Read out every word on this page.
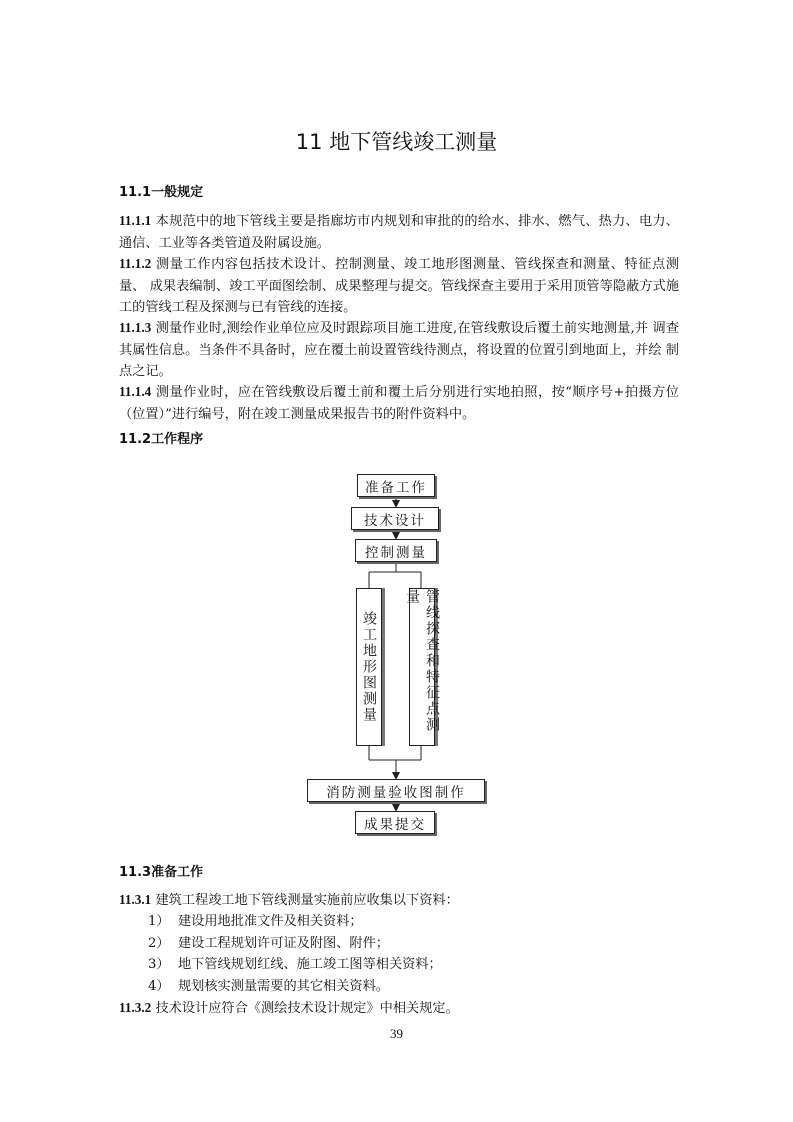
11 地下管线竣工测量
11.1一般规定

11.1.1 本规范中的地下管线主要是指廊坊市内规划和审批的的给水、排水、燃气、热力、电力、通信、工业等各类管道及附属设施。

11.1.2 测量工作内容包括技术设计、控制测量、竣工地形图测量、管线探查和测量、特征点测量、 成果表编制、竣工平面图绘制、成果整理与提交。管线探查主要用于采用顶管等隐蔽方式施工的管线工程及探测与已有管线的连接。

11.1.3 测量作业时,测绘作业单位应及时跟踪项目施工进度,在管线敷设后覆土前实地测量,并 调查其属性信息。当条件不具备时，应在覆土前设置管线待测点，将设置的位置引到地面上，并绘 制点之记。

11.1.4 测量作业时，应在管线敷设后覆土前和覆土后分别进行实地拍照，按“顺序号+拍摄方位 （位置）”进行编号，附在竣工测量成果报告书的附件资料中。

11.2工作程序
准备工作
技术设计
控制测量
竣工地形图测量	管线探查和特征点测量
消防测量验收图制作
成果提交
11.3准备工作

11.3.1 建筑工程竣工地下管线测量实施前应收集以下资料：

1） 建设用地批准文件及相关资料；
2） 建设工程规划许可证及附图、附件；
3） 地下管线规划红线、施工竣工图等相关资料；
4） 规划核实测量需要的其它相关资料。

11.3.2 技术设计应符合《测绘技术设计规定》中相关规定。

39
